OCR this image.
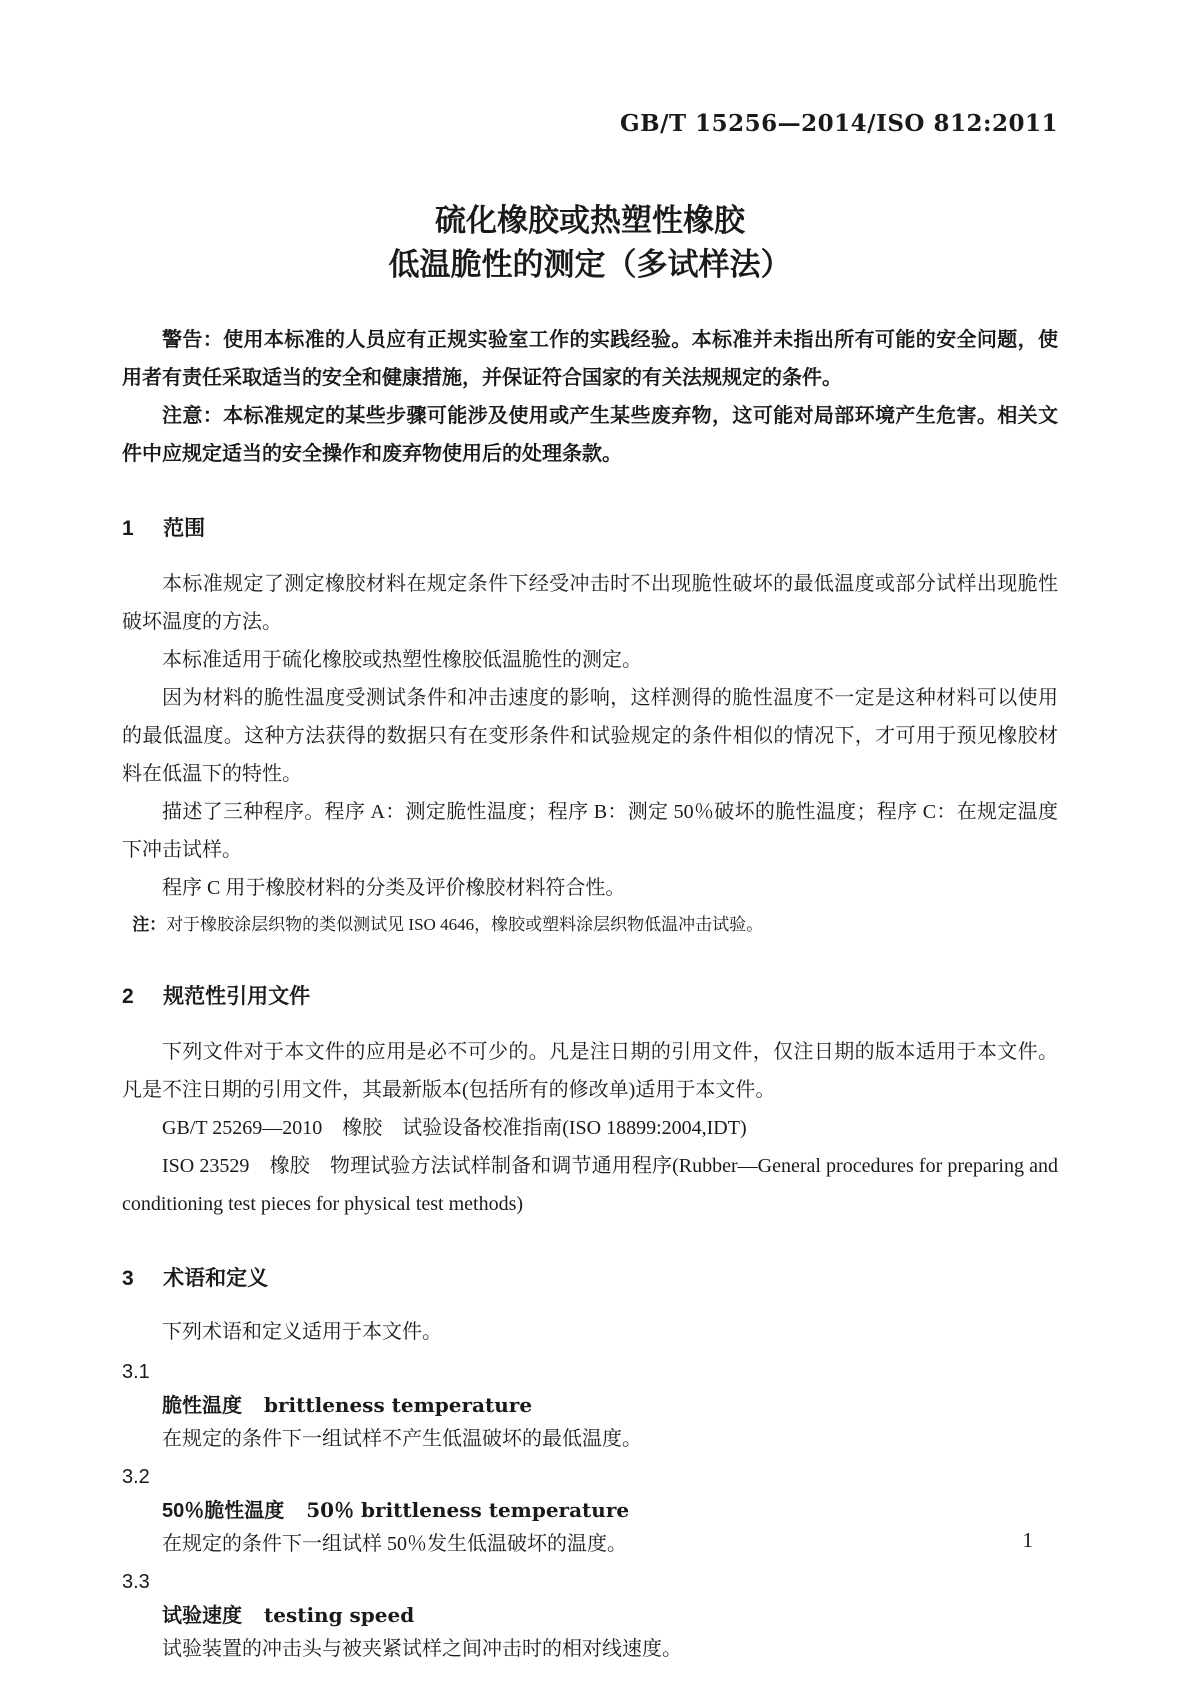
GB/T 15256—2014/ISO 812:2011
硫化橡胶或热塑性橡胶
低温脆性的测定（多试样法）

警告：使用本标准的人员应有正规实验室工作的实践经验。本标准并未指出所有可能的安全问题，使用者有责任采取适当的安全和健康措施，并保证符合国家的有关法规规定的条件。

注意：本标准规定的某些步骤可能涉及使用或产生某些废弃物，这可能对局部环境产生危害。相关文件中应规定适当的安全操作和废弃物使用后的处理条款。

1 范围

本标准规定了测定橡胶材料在规定条件下经受冲击时不出现脆性破坏的最低温度或部分试样出现脆性破坏温度的方法。

本标准适用于硫化橡胶或热塑性橡胶低温脆性的测定。

因为材料的脆性温度受测试条件和冲击速度的影响，这样测得的脆性温度不一定是这种材料可以使用的最低温度。这种方法获得的数据只有在变形条件和试验规定的条件相似的情况下，才可用于预见橡胶材料在低温下的特性。

描述了三种程序。程序 A：测定脆性温度；程序 B：测定 50％破坏的脆性温度；程序 C：在规定温度下冲击试样。

程序 C 用于橡胶材料的分类及评价橡胶材料符合性。

注：对于橡胶涂层织物的类似测试见 ISO 4646，橡胶或塑料涂层织物低温冲击试验。

2 规范性引用文件

下列文件对于本文件的应用是必不可少的。凡是注日期的引用文件，仅注日期的版本适用于本文件。凡是不注日期的引用文件，其最新版本(包括所有的修改单)适用于本文件。

GB/T 25269—2010　橡胶　试验设备校准指南(ISO 18899:2004,IDT)

ISO 23529　橡胶　物理试验方法试样制备和调节通用程序(Rubber—General procedures for preparing and conditioning test pieces for physical test methods)

3 术语和定义

下列术语和定义适用于本文件。

3.1

脆性温度 brittleness temperature

在规定的条件下一组试样不产生低温破坏的最低温度。

3.2

50％脆性温度 50％ brittleness temperature

在规定的条件下一组试样 50％发生低温破坏的温度。

3.3

试验速度 testing speed

试验装置的冲击头与被夹紧试样之间冲击时的相对线速度。

1
